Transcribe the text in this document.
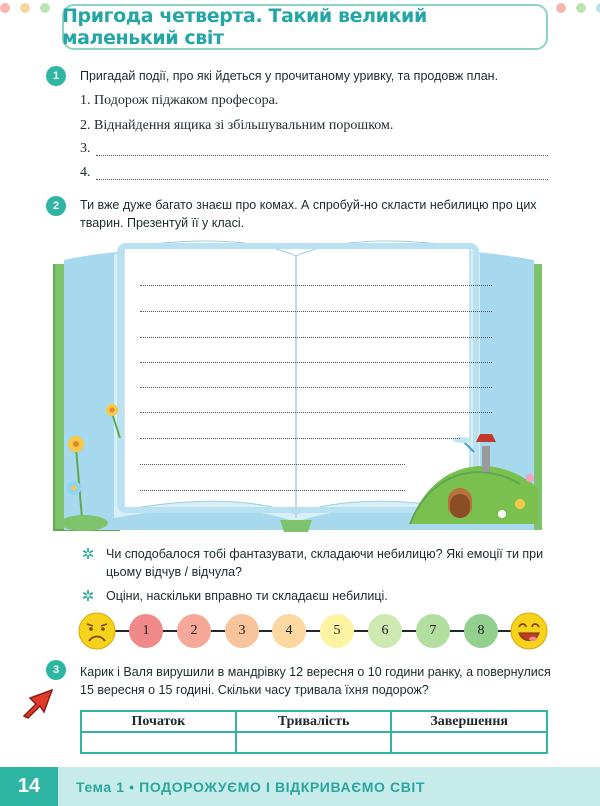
Пригода четверта. Такий великий маленький світ
1	Пригадай події, про які йдеться у прочитаному уривку, та продовж план.
1. Подорож піджаком професора.
2. Віднайдення ящика зі збільшувальним порошком.
3.
4.
2	Ти вже дуже багато знаєш про комах. А спробуй-но скласти небилицю про цих
тварин. Презентуй її у класі.
✲ Чи сподобалося тобі фантазувати, складаючи небилицю? Які емоції ти при
цьому відчув / відчула?
✲ Оціни, наскільки вправно ти складаєш небилиці.
1	2	3	4	5	6	7	8
3	Карик і Валя вирушили в мандрівку 12 вересня о 10 години ранку, а повернулися
15 вересня о 15 годині. Скільки часу тривала їхня подорож?
Початок	Тривалість	Завершення

14	Тема 1 • ПОДОРОЖУЄМО І ВІДКРИВАЄМО СВІТ
